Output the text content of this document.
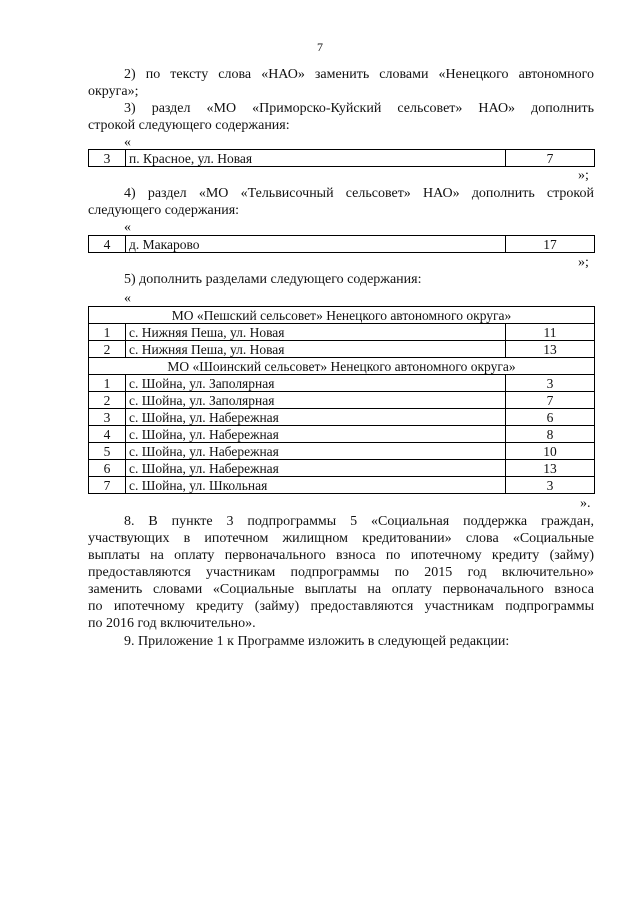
7

2) по тексту слова «НАО» заменить словами «Ненецкого автономного

округа»;

3) раздел «МО «Приморско-Куйский сельсовет» НАО» дополнить

строкой следующего содержания:

«
3	п. Красное, ул. Новая	7
»;

4) раздел «МО «Тельвисочный сельсовет» НАО» дополнить строкой

следующего содержания:

«
4	д. Макарово	17
»;

5) дополнить разделами следующего содержания:

«
МО «Пешский сельсовет» Ненецкого автономного округа»		
1	с. Нижняя Пеша, ул. Новая	11
2	с. Нижняя Пеша, ул. Новая	13
МО «Шоинский сельсовет» Ненецкого автономного округа»		
1	с. Шойна, ул. Заполярная	3
2	с. Шойна, ул. Заполярная	7
3	с. Шойна, ул. Набережная	6
4	с. Шойна, ул. Набережная	8
5	с. Шойна, ул. Набережная	10
6	с. Шойна, ул. Набережная	13
7	с. Шойна, ул. Школьная	3
».

8. В пункте 3 подпрограммы 5 «Социальная поддержка граждан,

участвующих в ипотечном жилищном кредитовании» слова «Социальные

выплаты на оплату первоначального взноса по ипотечному кредиту (займу)

предоставляются участникам подпрограммы по 2015 год включительно»

заменить словами «Социальные выплаты на оплату первоначального взноса

по ипотечному кредиту (займу) предоставляются участникам подпрограммы

по 2016 год включительно».

9. Приложение 1 к Программе изложить в следующей редакции:
